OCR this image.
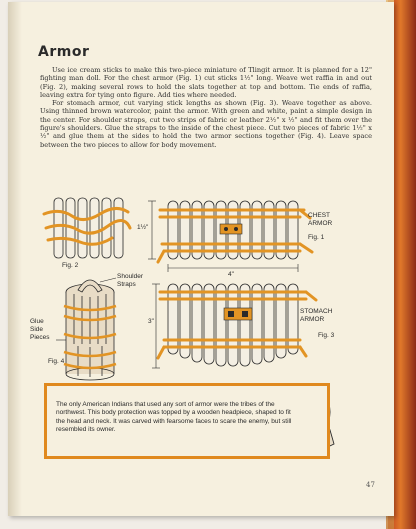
Armor

Use ice cream sticks to make this two-piece miniature of Tlingit armor. It is planned for a 12" fighting man doll. For the chest armor (Fig. 1) cut sticks 1½" long. Weave wet raffia in and out (Fig. 2), making several rows to hold the slats together at top and bottom. Tie ends of raffia, leaving extra for tying onto figure. Add ties where needed.

For stomach armor, cut varying stick lengths as shown (Fig. 3). Weave together as above. Using thinned brown watercolor, paint the armor. With green and white, paint a simple design in the center. For shoulder straps, cut two strips of fabric or leather 2½" x ½" and fit them over the figure's shoulders. Glue the straps to the inside of the chest piece. Cut two pieces of fabric 1½" x ½" and glue them at the sides to hold the two armor sections together (Fig. 4). Leave space between the two pieces to allow for body movement.

CHEST ARMOR
Fig. 1
Fig. 2
1½"
4"
Shoulder Straps
Glue Side Pieces
Fig. 4
3"
STOMACH ARMOR
Fig. 3
The only American Indians that used any sort of armor were the tribes of the northwest. This body protection was topped by a wooden headpiece, shaped to fit the head and neck. It was carved with fearsome faces to scare the enemy, but still resembled its owner.
47
